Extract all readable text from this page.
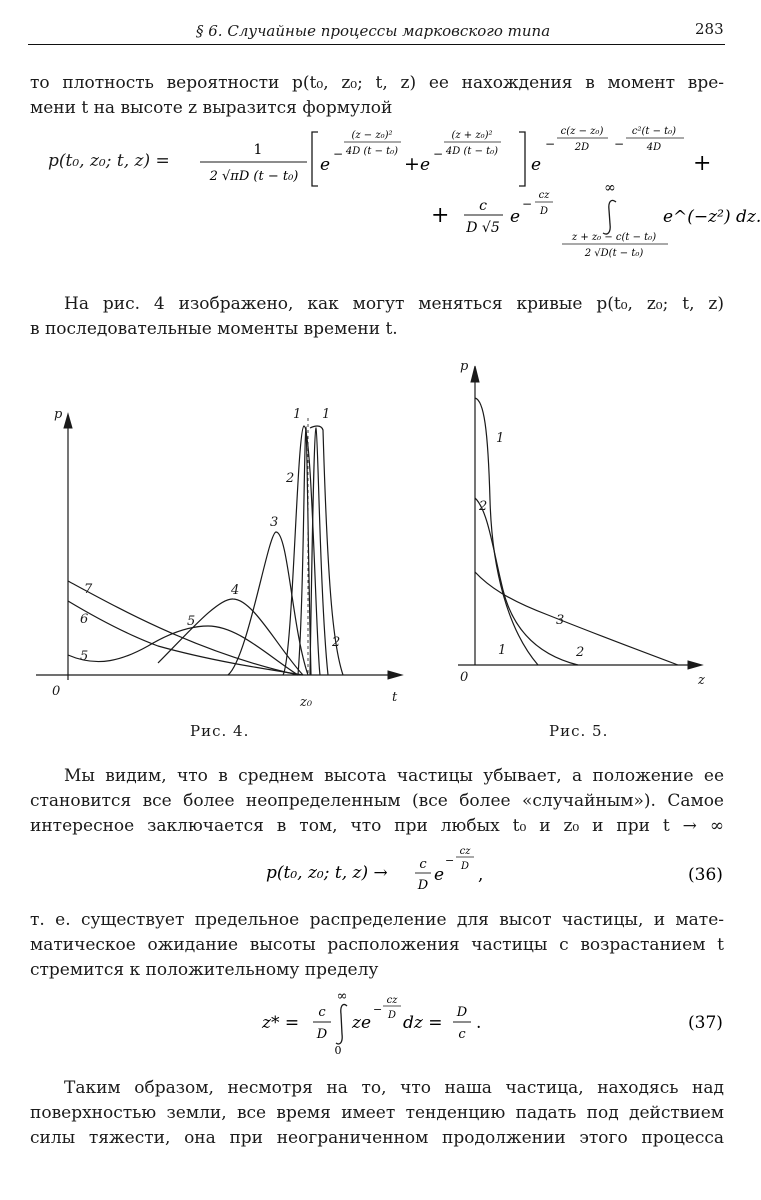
§ 6. Случайные процессы марковского типа	283
то плотность вероятности p(t₀, z₀; t, z) ее нахождения в момент вре-
мени t на высоте z выразится формулой
p(t₀, z₀; t, z) =
1
2 √πD (t − t₀)
e
−
(z − z₀)²
4D (t − t₀)
+ e
−
(z + z₀)²
4D (t − t₀)
e
−
c(z − z₀)
2D −
c²(t − t₀)
4D
+
+ c
D √5
e
−
cz
D
∞
z + z₀ − c(t − t₀)
2 √D(t − t₀)
e^(−z²) dz.
На рис. 4 изображено, как могут меняться кривые p(t₀, z₀; t, z)
в последовательные моменты времени t.
p
t
0
z₀
1 1
2
2
3
4
5
5
6
7
Рис. 4.
p
z
0
1
1
2
2
3
Рис. 5.
Мы видим, что в среднем высота частицы убывает, а положение ее
становится все более неопределенным (все более «случайным»). Самое
интересное заключается в том, что при любых t₀ и z₀ и при t → ∞
p(t₀, z₀; t, z) → c
D
e
−
cz
D ,	(36)
т. е. существует предельное распределение для высот частицы, и мате-
матическое ожидание высоты расположения частицы с возрастанием t
стремится к положительному пределу
z* =
c
D
∞
0
ze
−
cz
D dz =
D
c
.	(37)
Таким образом, несмотря на то, что наша частица, находясь над
поверхностью земли, все время имеет тенденцию падать под действием
силы тяжести, она при неограниченном продолжении этого процесса
